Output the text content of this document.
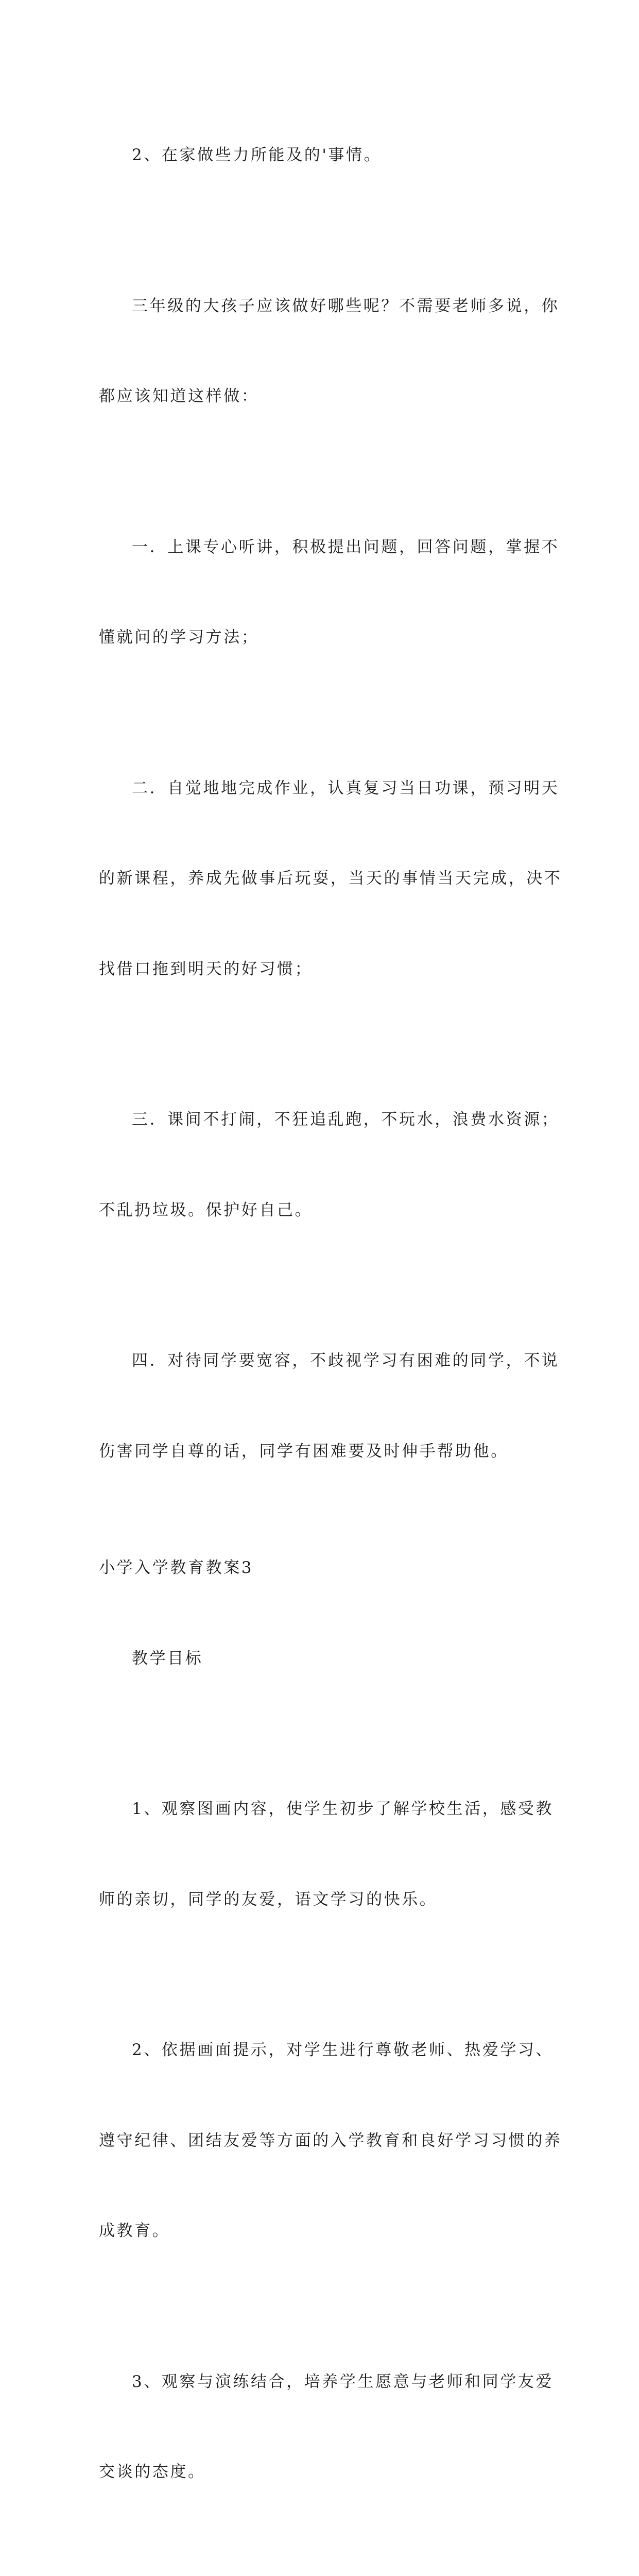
2、在家做些力所能及的'事情。

三年级的大孩子应该做好哪些呢？不需要老师多说，你

都应该知道这样做：

一．上课专心听讲，积极提出问题，回答问题，掌握不

懂就问的学习方法；

二．自觉地地完成作业，认真复习当日功课，预习明天

的新课程，养成先做事后玩耍，当天的事情当天完成，决不

找借口拖到明天的好习惯；

三．课间不打闹，不狂追乱跑，不玩水，浪费水资源；

不乱扔垃圾。保护好自己。

四．对待同学要宽容，不歧视学习有困难的同学，不说

伤害同学自尊的话，同学有困难要及时伸手帮助他。

小学入学教育教案3

教学目标

1、观察图画内容，使学生初步了解学校生活，感受教

师的亲切，同学的友爱，语文学习的快乐。

2、依据画面提示，对学生进行尊敬老师、热爱学习、

遵守纪律、团结友爱等方面的入学教育和良好学习习惯的养

成教育。

3、观察与演练结合，培养学生愿意与老师和同学友爱

交谈的态度。
